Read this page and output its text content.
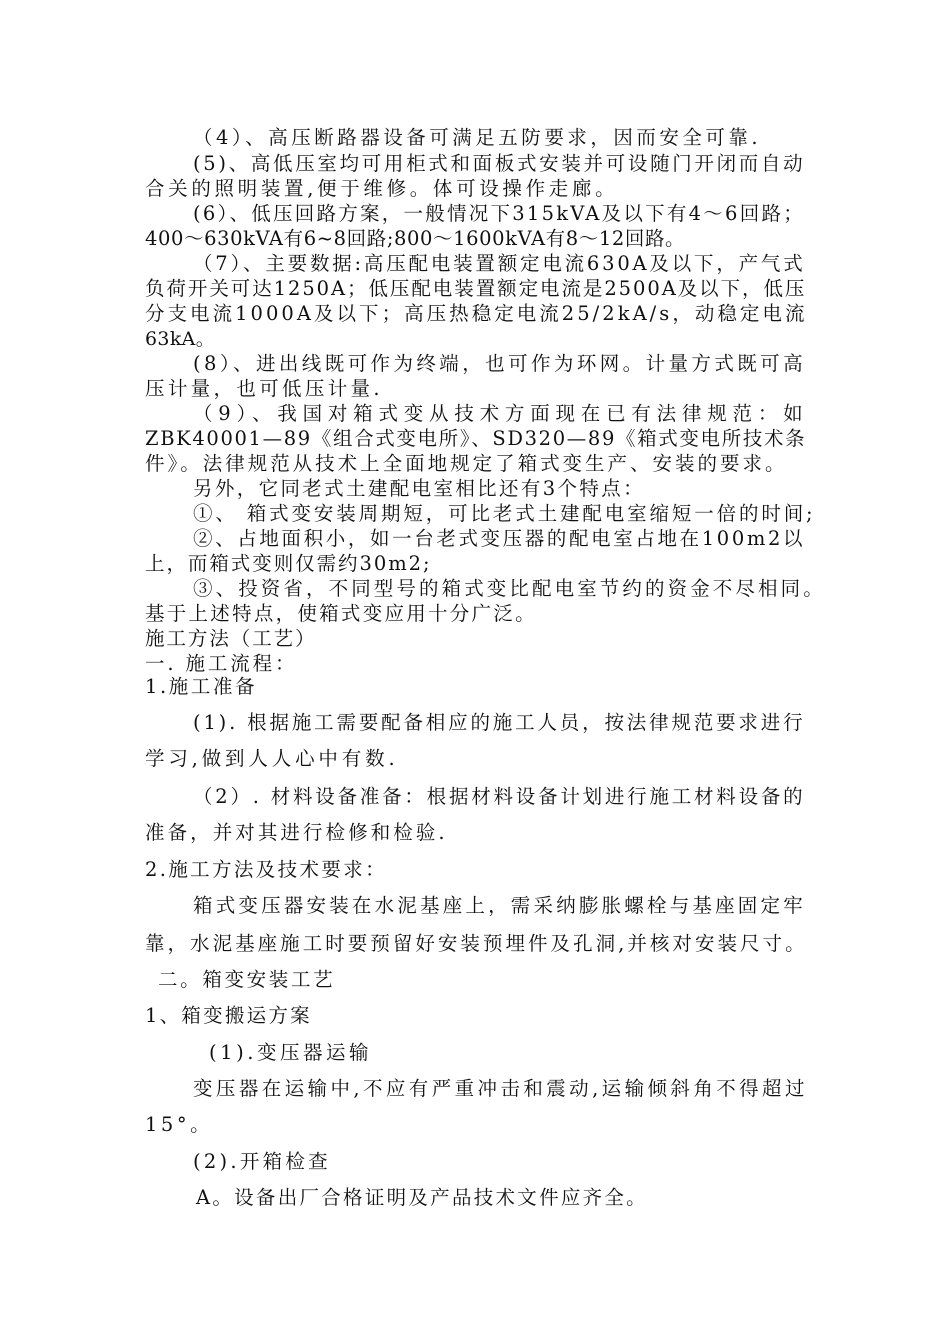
（4）、高压断路器设备可满足五防要求，因而安全可靠.
(5)、高低压室均可用柜式和面板式安装并可设随门开闭而自动
合关的照明装置,便于维修。体可设操作走廊。
(6）、低压回路方案，一般情况下315kVA及以下有4～6回路；
400～630kVA有6~8回路;800～1600kVA有8～12回路。
（7）、主要数据:高压配电装置额定电流630A及以下，产气式
负荷开关可达1250A；低压配电装置额定电流是2500A及以下，低压
分支电流1000A及以下；高压热稳定电流25/2kA/s，动稳定电流
63kA。
(8）、进出线既可作为终端，也可作为环网。计量方式既可高
压计量，也可低压计量.
（9）、我国对箱式变从技术方面现在已有法律规范：如
ZBK40001—89《组合式变电所》、SD320—89《箱式变电所技术条
件》。法律规范从技术上全面地规定了箱式变生产、安装的要求。
另外，它同老式土建配电室相比还有3个特点：
①、 箱式变安装周期短，可比老式土建配电室缩短一倍的时间;
②、占地面积小，如一台老式变压器的配电室占地在100m2以
上，而箱式变则仅需约30m2;
③、投资省，不同型号的箱式变比配电室节约的资金不尽相同。
基于上述特点，使箱式变应用十分广泛。
施工方法（工艺）
一. 施工流程：
1.施工准备
(1). 根据施工需要配备相应的施工人员，按法律规范要求进行
学习,做到人人心中有数.
（2）. 材料设备准备：根据材料设备计划进行施工材料设备的
准备，并对其进行检修和检验.
2.施工方法及技术要求：
箱式变压器安装在水泥基座上，需采纳膨胀螺栓与基座固定牢
靠，水泥基座施工时要预留好安装预埋件及孔洞,并核对安装尺寸。
二。箱变安装工艺
1、箱变搬运方案
(1).变压器运输
变压器在运输中,不应有严重冲击和震动,运输倾斜角不得超过
15°。
(2).开箱检查
A。设备出厂合格证明及产品技术文件应齐全。
